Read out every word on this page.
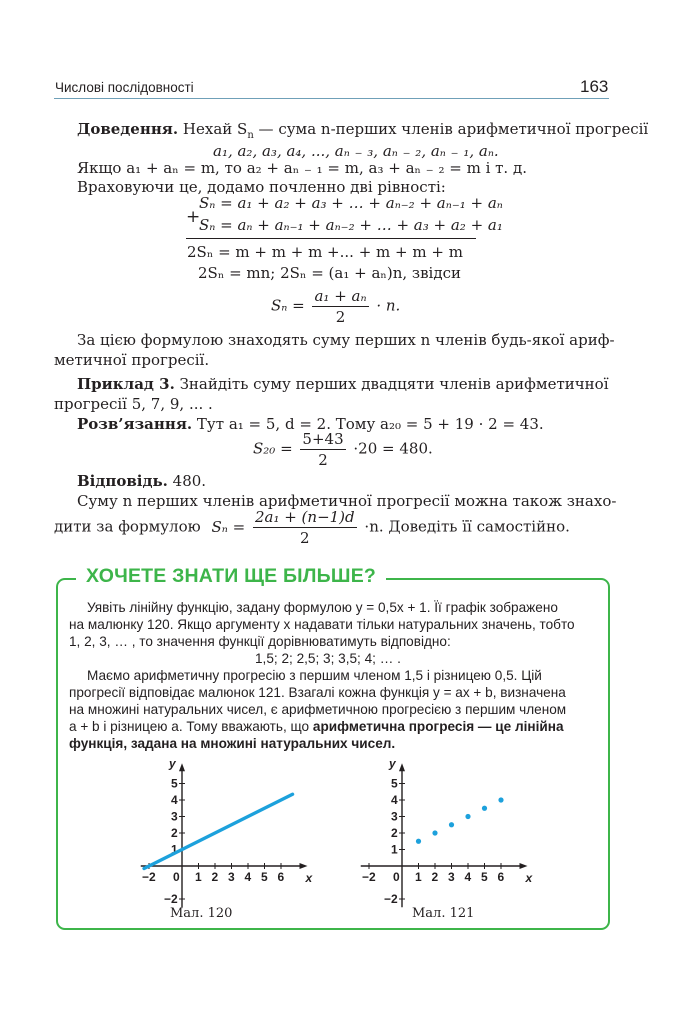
Числові послідовності	163
Доведення. Нехай $S_n$ — сума n-перших членів арифметичної прогресії
a₁, a₂, a₃, a₄, ..., aₙ ₋ ₃, aₙ ₋ ₂, aₙ ₋ ₁, aₙ.
Якщо a₁ + aₙ = m, то a₂ + aₙ ₋ ₁ = m, a₃ + aₙ ₋ ₂ = m і т. д.
Враховуючи це, додамо почленно дві рівності:
+
Sₙ = a₁ + a₂ + a₃ + … + aₙ₋₂ + aₙ₋₁ + aₙ
Sₙ = aₙ + aₙ₋₁ + aₙ₋₂ + … + a₃ + a₂ + a₁
2Sₙ = m + m + m +... + m + m + m
2Sₙ = mn; 2Sₙ = (a₁ + aₙ)n, звідси
$S_n = \frac{\text{a₁ + aₙ}}{2} \cdot n$.
За цією формулою знаходять суму перших n членів будь-якої ариф-
метичної прогресії.
Приклад 3. Знайдіть суму перших двадцяти членів арифметичної
прогресії 5, 7, 9, ... .
Розв’язання. Тут a₁ = 5, d = 2. Тому a₂₀ = 5 + 19 · 2 = 43.
$S_{20} = \frac{5+43}{2} \cdot 20 = 480$.
Відповідь. 480.
Суму n перших членів арифметичної прогресії можна також знахо-
дити за формулою $S_n = \frac{\text{2a₁ + (n−1)d}}{2} \cdot n$. Доведіть її самостійно.
ХОЧЕТЕ ЗНАТИ ЩЕ БІЛЬШЕ?
Уявіть лінійну функцію, задану формулою y = 0,5x + 1. Її графік зображено
на малюнку 120. Якщо аргументу x надавати тільки натуральних значень, тобто
1, 2, 3, … , то значення функції дорівнюватимуть відповідно:
1,5; 2; 2,5; 3; 3,5; 4; … .
Маємо арифметичну прогресію з першим членом 1,5 і різницею 0,5. Цій
прогресії відповідає малюнок 121. Взагалі кожна функція y = ax + b, визначена
на множині натуральних чисел, є арифметичною прогресією з першим членом
a + b і різницею a. Тому вважають, що арифметична прогресія — це лінійна
функція, задана на множині натуральних чисел.
x
y
−2 0 1 2 3 4 5 6
5
4
3
2
1
−2
x
y
−2 0 1 2 3 4 5 6
5
4
3
2
1
−2
Мал. 120	Мал. 121
